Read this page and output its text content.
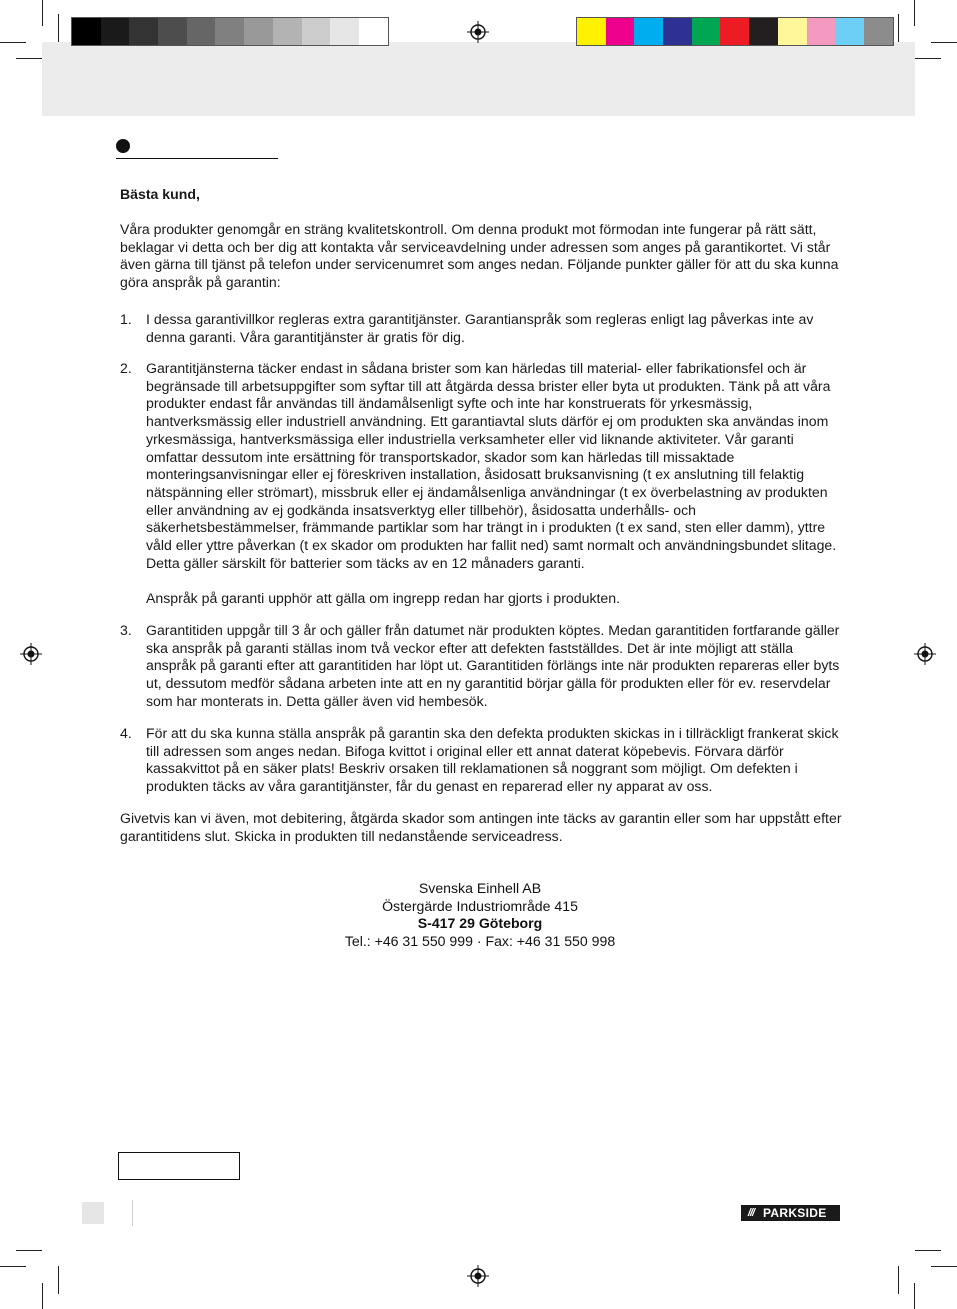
Bästa kund,
Våra produkter genomgår en sträng kvalitetskontroll. Om denna produkt mot förmodan inte fungerar på rätt sätt, beklagar vi detta och ber dig att kontakta vår serviceavdelning under adressen som anges på garantikortet. Vi står även gärna till tjänst på telefon under servicenumret som anges nedan. Följande punkter gäller för att du ska kunna göra anspråk på garantin:
1. I dessa garantivillkor regleras extra garantitjänster. Garantianspråk som regleras enligt lag påverkas inte av denna garanti. Våra garantitjänster är gratis för dig.
2. Garantitjänsterna täcker endast in sådana brister som kan härledas till material- eller fabrikationsfel och är begränsade till arbetsuppgifter som syftar till att åtgärda dessa brister eller byta ut produkten. Tänk på att våra produkter endast får användas till ändamålsenligt syfte och inte har konstruerats för yrkesmässig, hantverksmässig eller industriell användning. Ett garantiavtal sluts därför ej om produkten ska användas inom yrkesmässiga, hantverksmässiga eller industriella verksamheter eller vid liknande aktiviteter. Vår garanti omfattar dessutom inte ersättning för transportskador, skador som kan härledas till missaktade monteringsanvisningar eller ej föreskriven installation, åsidosatt bruksanvisning (t ex anslutning till felaktig nätspänning eller strömart), missbruk eller ej ändamålsenliga användningar (t ex överbelastning av produkten eller användning av ej godkända insatsverktyg eller tillbehör), åsidosatta underhålls- och säkerhetsbestämmelser, främmande partiklar som har trängt in i produkten (t ex sand, sten eller damm), yttre våld eller yttre påverkan (t ex skador om produkten har fallit ned) samt normalt och användningsbundet slitage. Detta gäller särskilt för batterier som täcks av en 12 månaders garanti.
Anspråk på garanti upphör att gälla om ingrepp redan har gjorts i produkten.
3. Garantitiden uppgår till 3 år och gäller från datumet när produkten köptes. Medan garantitiden fortfarande gäller ska anspråk på garanti ställas inom två veckor efter att defekten fastställdes. Det är inte möjligt att ställa anspråk på garanti efter att garantitiden har löpt ut. Garantitiden förlängs inte när produkten repareras eller byts ut, dessutom medför sådana arbeten inte att en ny garantitid börjar gälla för produkten eller för ev. reservdelar som har monterats in. Detta gäller även vid hembesök.
4. För att du ska kunna ställa anspråk på garantin ska den defekta produkten skickas in i tillräckligt frankerat skick till adressen som anges nedan. Bifoga kvittot i original eller ett annat daterat köpebevis. Förvara därför kassakvittot på en säker plats! Beskriv orsaken till reklamationen så noggrant som möjligt. Om defekten i produkten täcks av våra garantitjänster, får du genast en reparerad eller ny apparat av oss.
Givetvis kan vi även, mot debitering, åtgärda skador som antingen inte täcks av garantin eller som har uppstått efter garantitidens slut. Skicka in produkten till nedanstående serviceadress.
Svenska Einhell AB
Östergärde Industriområde 415
S-417 29 Göteborg
Tel.: +46 31 550 999 · Fax: +46 31 550 998
/// PARKSIDE
